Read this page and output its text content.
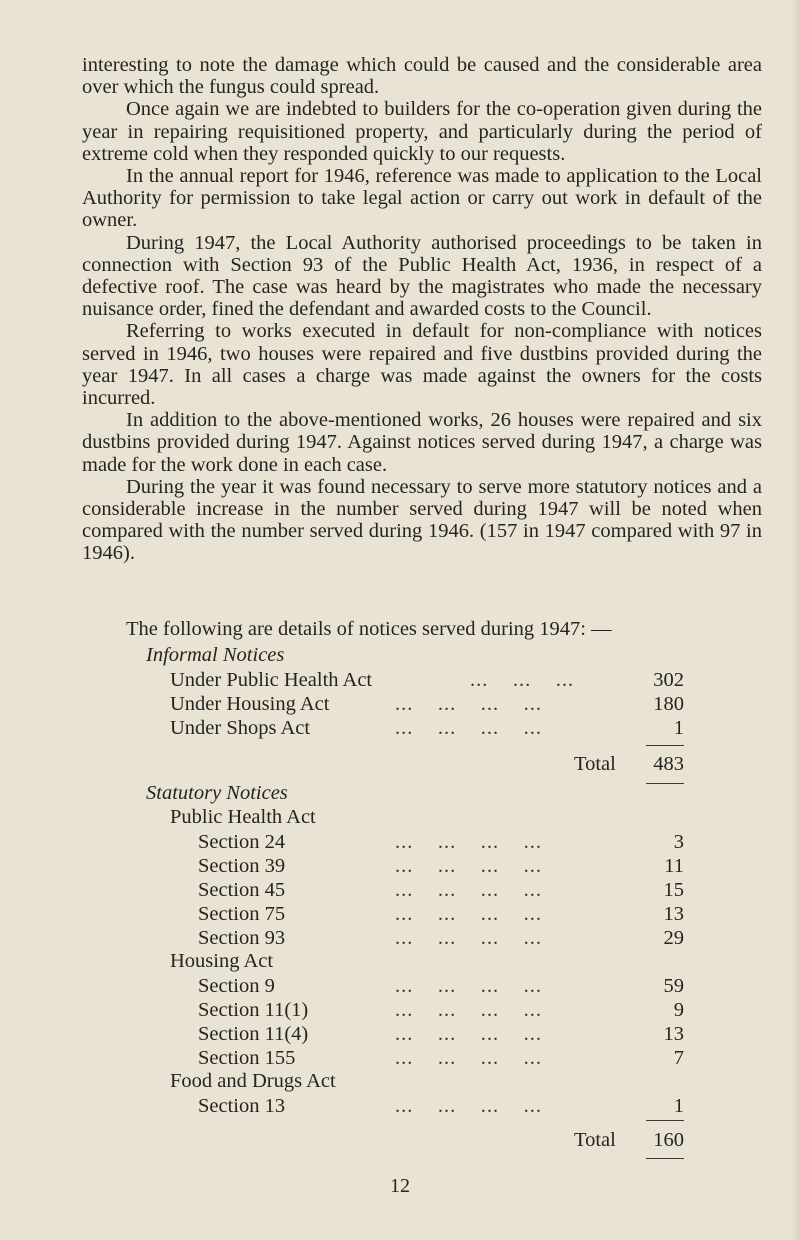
interesting to note the damage which could be caused and the considerable area over which the fungus could spread.

Once again we are indebted to builders for the co-operation given during the year in repairing requisitioned property, and particularly during the period of extreme cold when they responded quickly to our requests.

In the annual report for 1946, reference was made to application to the Local Authority for permission to take legal action or carry out work in default of the owner.

During 1947, the Local Authority authorised proceedings to be taken in connection with Section 93 of the Public Health Act, 1936, in respect of a defective roof. The case was heard by the magistrates who made the necessary nuisance order, fined the defendant and awarded costs to the Council.

Referring to works executed in default for non-compliance with notices served in 1946, two houses were repaired and five dustbins provided during the year 1947. In all cases a charge was made against the owners for the costs incurred.

In addition to the above-mentioned works, 26 houses were repaired and six dustbins provided during 1947. Against notices served during 1947, a charge was made for the work done in each case.

During the year it was found necessary to serve more statutory notices and a considerable increase in the number served during 1947 will be noted when compared with the number served during 1946. (157 in 1947 compared with 97 in 1946).

The following are details of notices served during 1947: —
Informal Notices
Under Public Health Act	...    ...    ...	302
Under Housing Act	...    ...    ...    ...	180
Under Shops Act	...    ...    ...    ...	1
Total	483
Statutory Notices
Public Health Act
Section 24	...    ...    ...    ...	3
Section 39	...    ...    ...    ...	11
Section 45	...    ...    ...    ...	15
Section 75	...    ...    ...    ...	13
Section 93	...    ...    ...    ...	29
Housing Act
Section 9	...    ...    ...    ...	59
Section 11(1)	...    ...    ...    ...	9
Section 11(4)	...    ...    ...    ...	13
Section 155	...    ...    ...    ...	7
Food and Drugs Act
Section 13	...    ...    ...    ...	1
Total	160
12
